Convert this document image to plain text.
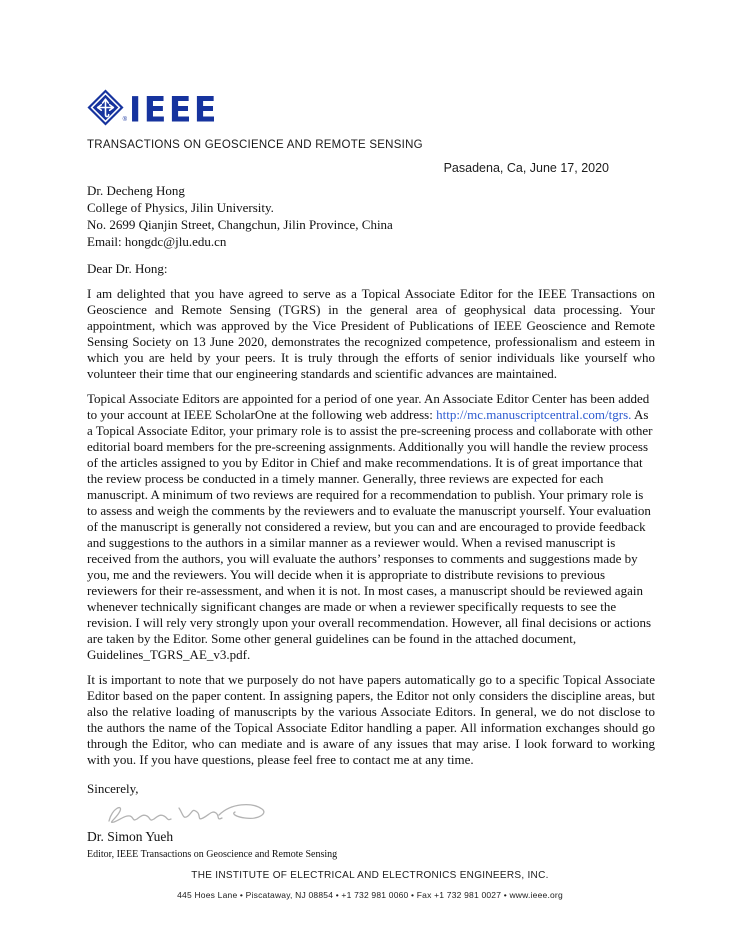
® IEEE
TRANSACTIONS ON GEOSCIENCE AND REMOTE SENSING
Pasadena, Ca, June 17, 2020
Dr. Decheng Hong
College of Physics, Jilin University.
No. 2699 Qianjin Street, Changchun, Jilin Province, China
Email: hongdc@jlu.edu.cn
Dear Dr. Hong:

I am delighted that you have agreed to serve as a Topical Associate Editor for the IEEE Transactions on Geoscience and Remote Sensing (TGRS) in the general area of geophysical data processing. Your appointment, which was approved by the Vice President of Publications of IEEE Geoscience and Remote Sensing Society on 13 June 2020, demonstrates the recognized competence, professionalism and esteem in which you are held by your peers. It is truly through the efforts of senior individuals like yourself who volunteer their time that our engineering standards and scientific advances are maintained.

Topical Associate Editors are appointed for a period of one year. An Associate Editor Center has been added to your account at IEEE ScholarOne at the following web address: http://mc.manuscriptcentral.com/tgrs. As a Topical Associate Editor, your primary role is to assist the pre-screening process and collaborate with other editorial board members for the pre-screening assignments. Additionally you will handle the review process of the articles assigned to you by Editor in Chief and make recommendations. It is of great importance that the review process be conducted in a timely manner. Generally, three reviews are expected for each manuscript. A minimum of two reviews are required for a recommendation to publish. Your primary role is to assess and weigh the comments by the reviewers and to evaluate the manuscript yourself. Your evaluation of the manuscript is generally not considered a review, but you can and are encouraged to provide feedback and suggestions to the authors in a similar manner as a reviewer would. When a revised manuscript is received from the authors, you will evaluate the authors’ responses to comments and suggestions made by you, me and the reviewers. You will decide when it is appropriate to distribute revisions to previous reviewers for their re-assessment, and when it is not. In most cases, a manuscript should be reviewed again whenever technically significant changes are made or when a reviewer specifically requests to see the revision. I will rely very strongly upon your overall recommendation. However, all final decisions or actions are taken by the Editor. Some other general guidelines can be found in the attached document, Guidelines_TGRS_AE_v3.pdf.

It is important to note that we purposely do not have papers automatically go to a specific Topical Associate Editor based on the paper content. In assigning papers, the Editor not only considers the discipline areas, but also the relative loading of manuscripts by the various Associate Editors. In general, we do not disclose to the authors the name of the Topical Associate Editor handling a paper. All information exchanges should go through the Editor, who can mediate and is aware of any issues that may arise. I look forward to working with you. If you have questions, please feel free to contact me at any time.

Sincerely,
Dr. Simon Yueh
Editor, IEEE Transactions on Geoscience and Remote Sensing
THE INSTITUTE OF ELECTRICAL AND ELECTRONICS ENGINEERS, INC.
445 Hoes Lane • Piscataway, NJ 08854 • +1 732 981 0060 • Fax +1 732 981 0027 • www.ieee.org
